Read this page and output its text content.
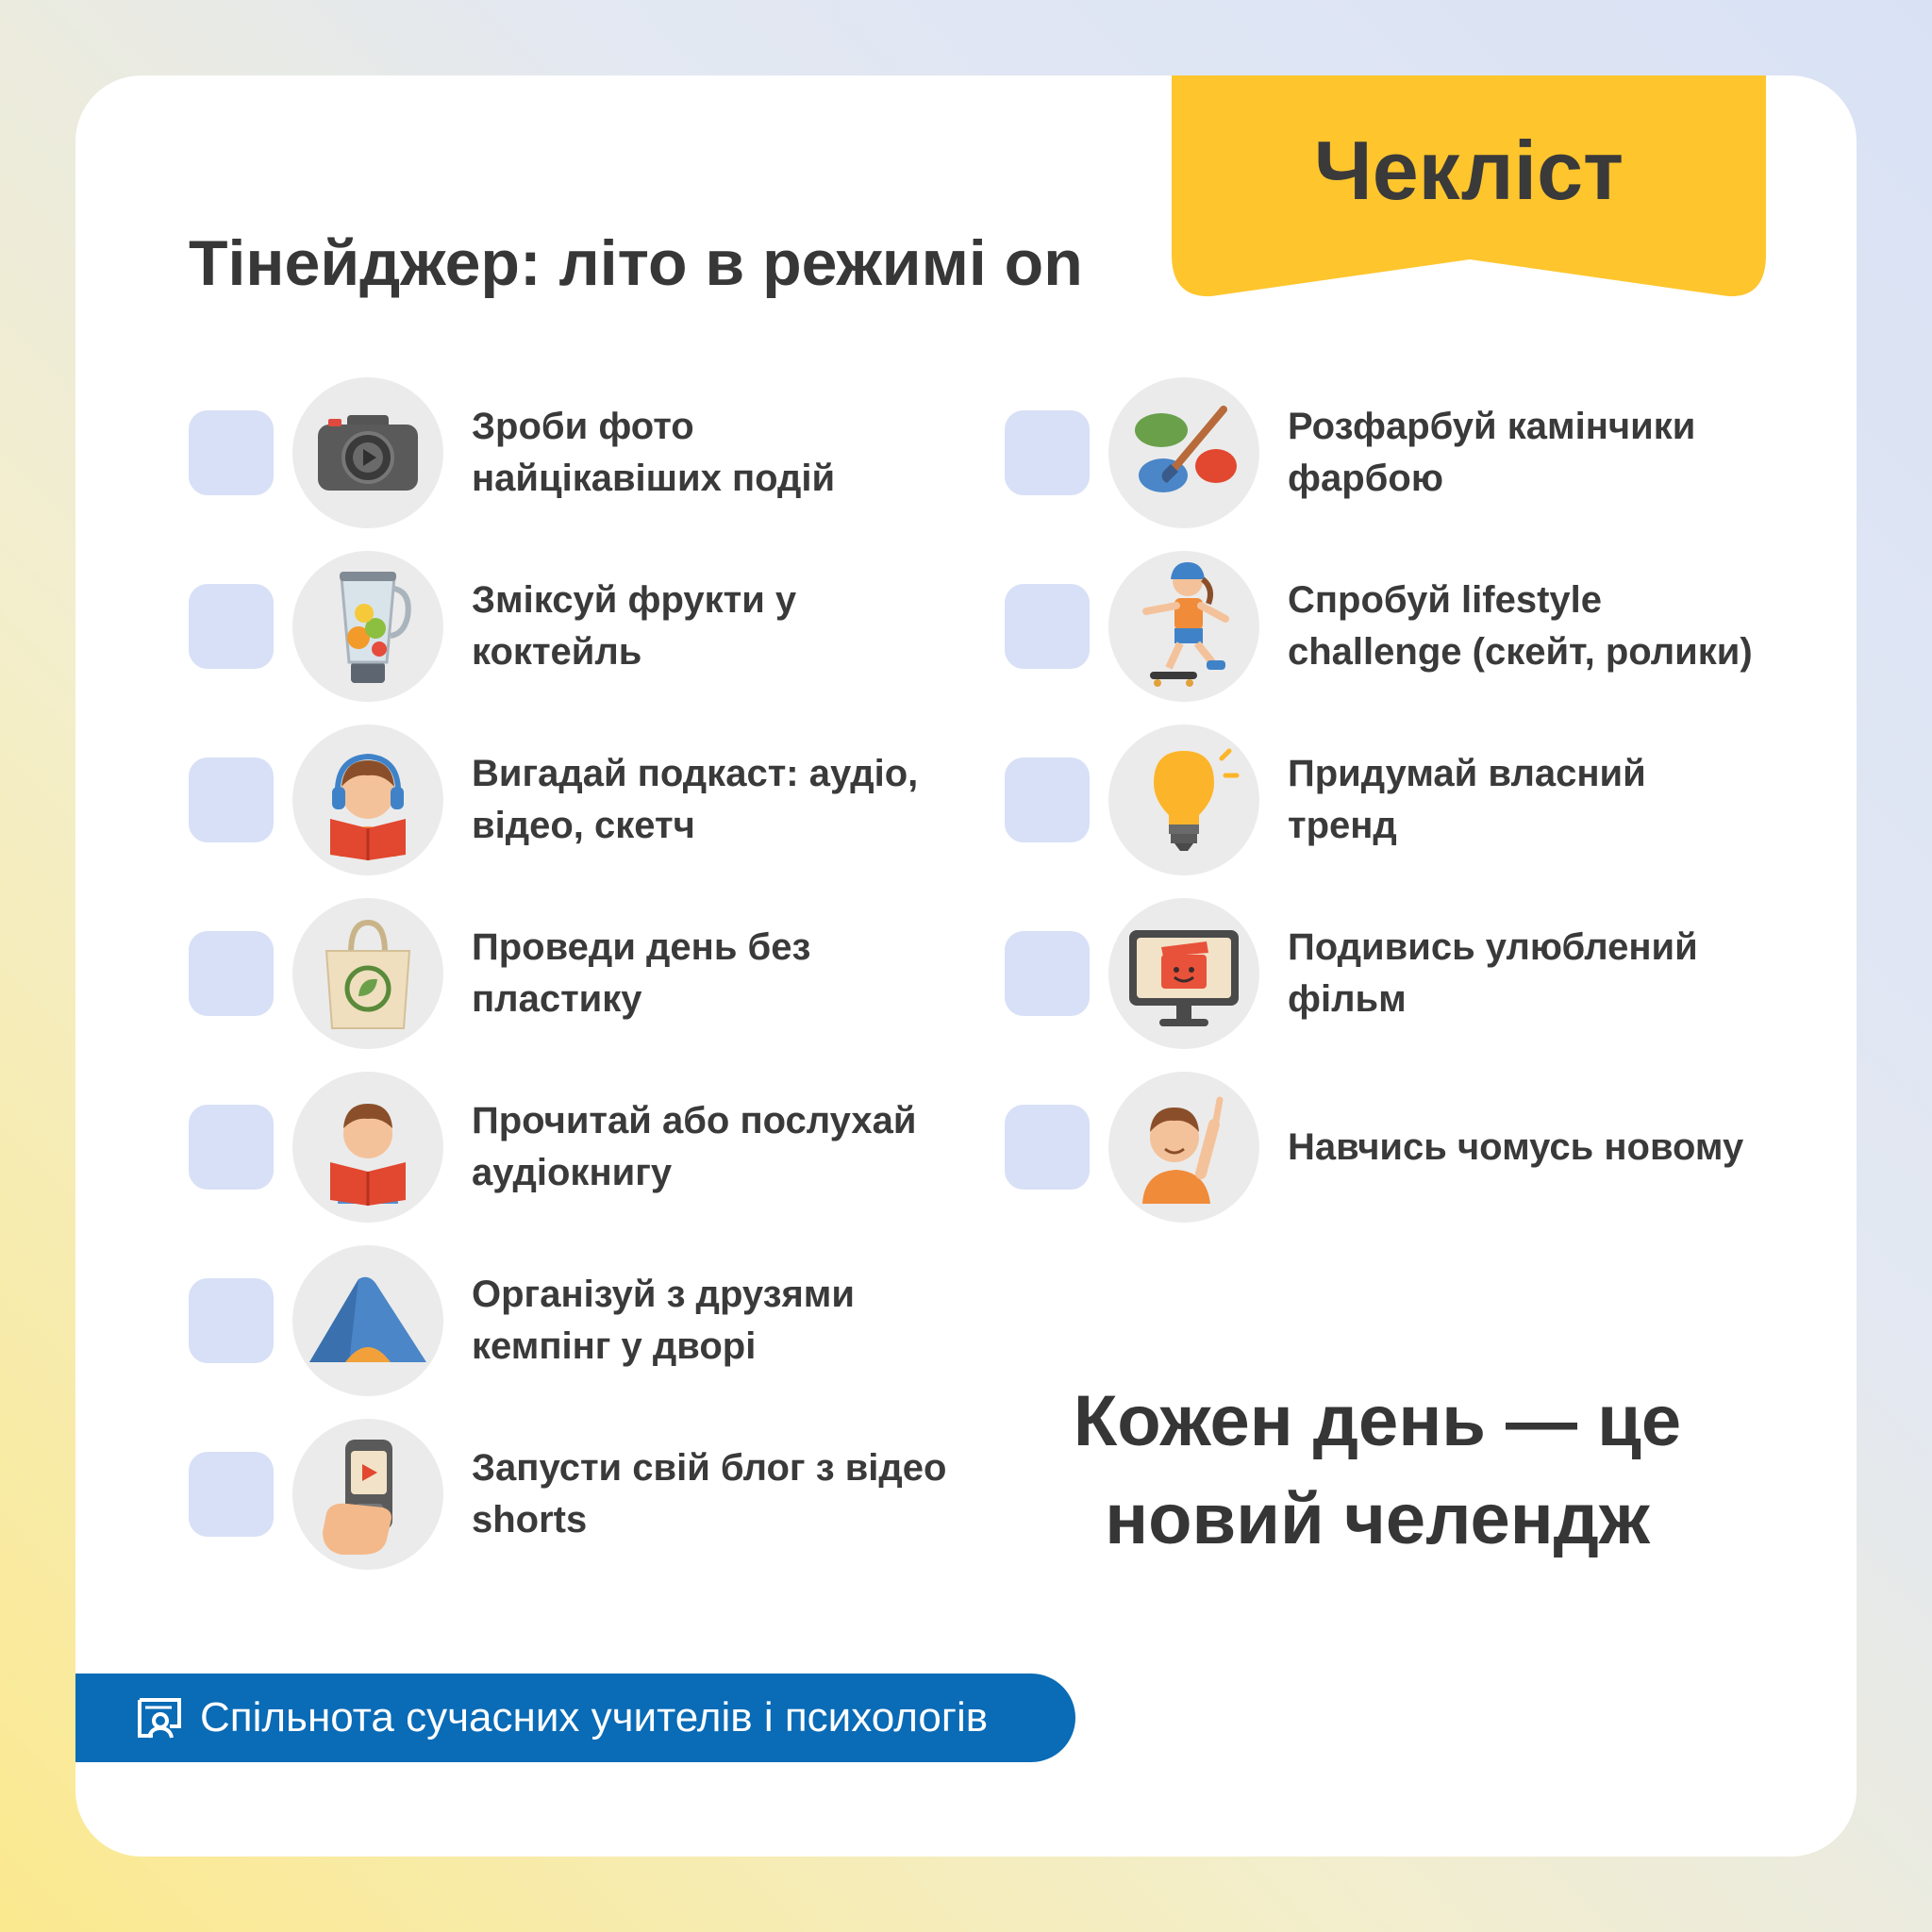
Тінейджер: літо в режимі on
Чекліст
Зроби фото
найцікавіших подій
Зміксуй фрукти у
коктейль
Вигадай подкаст: аудіо,
відео, скетч
Проведи день без
пластику
Прочитай або послухай
аудіокнигу
Організуй з друзями
кемпінг у дворі
Запусти свій блог з відео
shorts
Розфарбуй камінчики
фарбою
Спробуй lifestyle
challenge (скейт, ролики)
Придумай власний
тренд
Подивись улюблений
фільм
Навчись чомусь новому
Кожен день — це
новий челендж
Спільнота сучасних учителів і психологів
